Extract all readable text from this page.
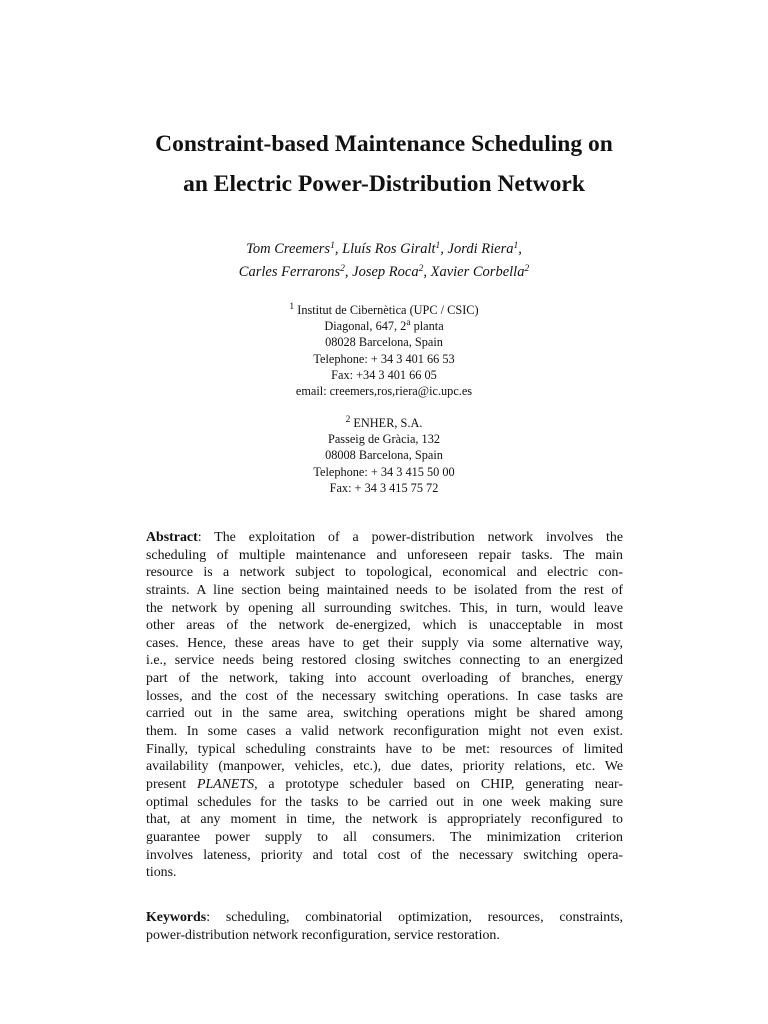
Constraint-based Maintenance Scheduling on
an Electric Power-Distribution Network
Tom Creemers$^1$, Lluís Ros Giralt$^1$, Jordi Riera$^1$,
Carles Ferrarons$^2$, Josep Roca$^2$, Xavier Corbella$^2$
$^1$ Institut de Cibernètica (UPC / CSIC)
Diagonal, 647, 2$^a$ planta
08028 Barcelona, Spain
Telephone: + 34 3 401 66 53
Fax: +34 3 401 66 05
email: creemers,ros,riera@ic.upc.es
$^2$ ENHER, S.A.
Passeig de Gràcia, 132
08008 Barcelona, Spain
Telephone: + 34 3 415 50 00
Fax: + 34 3 415 75 72
Abstract: The exploitation of a power-distribution network involves the
scheduling of multiple maintenance and unforeseen repair tasks. The main
resource is a network subject to topological, economical and electric con-
straints. A line section being maintained needs to be isolated from the rest of
the network by opening all surrounding switches. This, in turn, would leave
other areas of the network de-energized, which is unacceptable in most
cases. Hence, these areas have to get their supply via some alternative way,
i.e., service needs being restored closing switches connecting to an energized
part of the network, taking into account overloading of branches, energy
losses, and the cost of the necessary switching operations. In case tasks are
carried out in the same area, switching operations might be shared among
them. In some cases a valid network reconfiguration might not even exist.
Finally, typical scheduling constraints have to be met: resources of limited
availability (manpower, vehicles, etc.), due dates, priority relations, etc. We
present PLANETS, a prototype scheduler based on CHIP, generating near-
optimal schedules for the tasks to be carried out in one week making sure
that, at any moment in time, the network is appropriately reconfigured to
guarantee power supply to all consumers. The minimization criterion
involves lateness, priority and total cost of the necessary switching opera-
tions.
Keywords: scheduling, combinatorial optimization, resources, constraints,
power-distribution network reconfiguration, service restoration.
